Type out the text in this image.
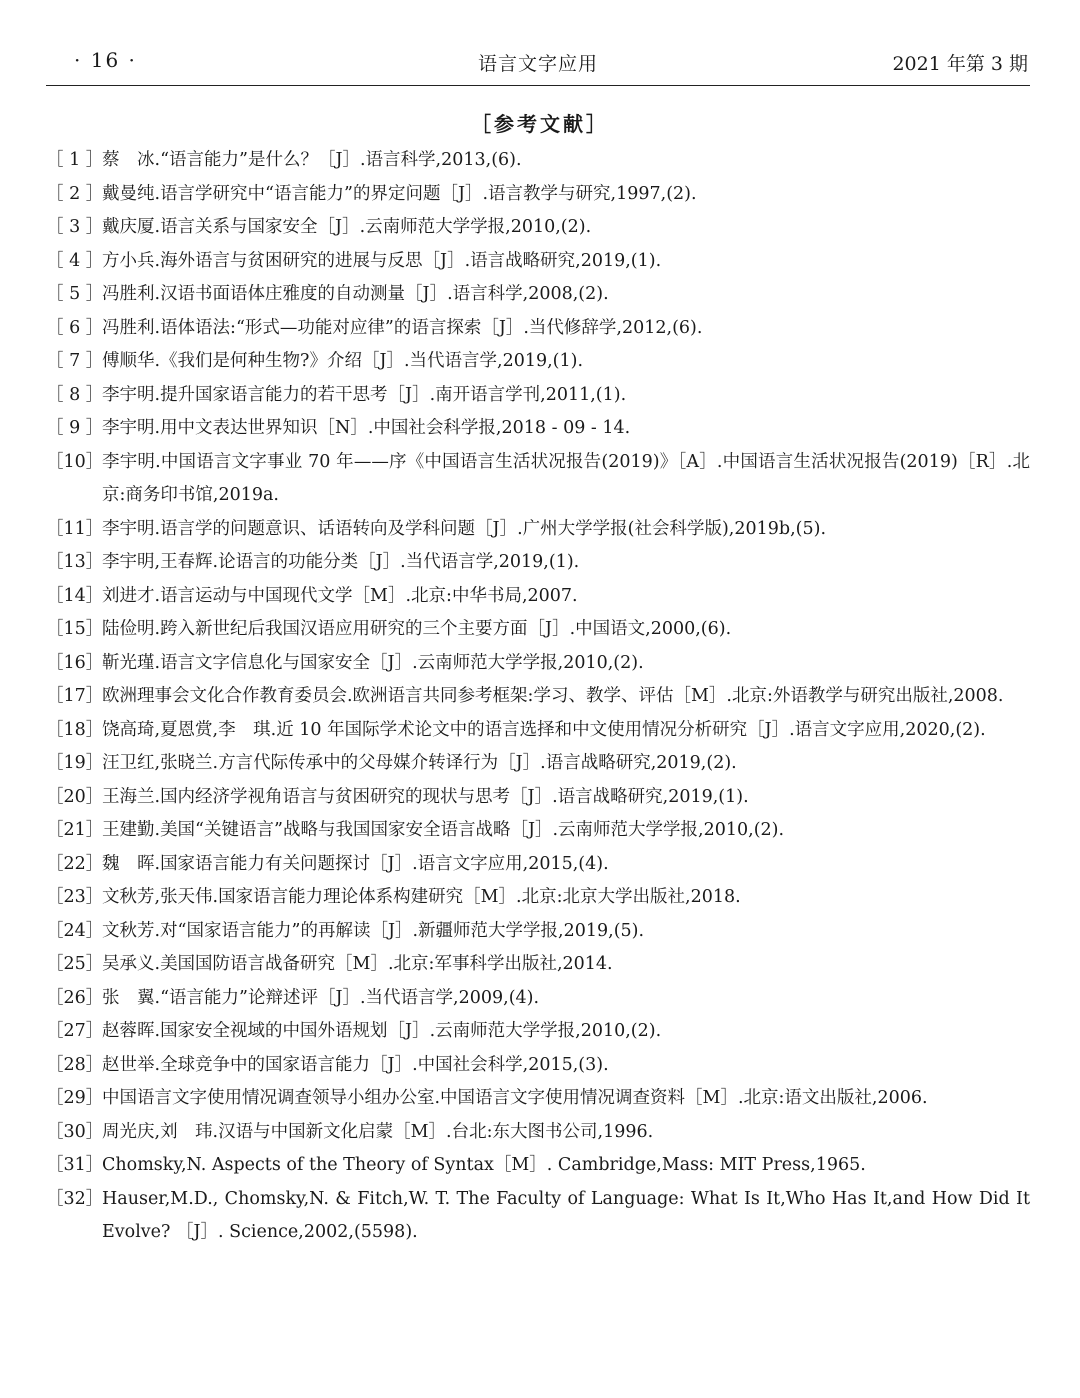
· 16 ·	语言文字应用	2021 年第 3 期
［参考文献］
［ 1 ］
蔡　冰.“语言能力”是什么？［J］.语言科学,2013,(6).
［ 2 ］
戴曼纯.语言学研究中“语言能力”的界定问题［J］.语言教学与研究,1997,(2).
［ 3 ］
戴庆厦.语言关系与国家安全［J］.云南师范大学学报,2010,(2).
［ 4 ］
方小兵.海外语言与贫困研究的进展与反思［J］.语言战略研究,2019,(1).
［ 5 ］
冯胜利.汉语书面语体庄雅度的自动测量［J］.语言科学,2008,(2).
［ 6 ］
冯胜利.语体语法:“形式—功能对应律”的语言探索［J］.当代修辞学,2012,(6).
［ 7 ］
傅顺华.《我们是何种生物?》介绍［J］.当代语言学,2019,(1).
［ 8 ］
李宇明.提升国家语言能力的若干思考［J］.南开语言学刊,2011,(1).
［ 9 ］
李宇明.用中文表达世界知识［N］.中国社会科学报,2018 - 09 - 14.
［10］
李宇明.中国语言文字事业 70 年——序《中国语言生活状况报告(2019)》［A］.中国语言生活状况报告(2019)［R］.北京:商务印书馆,2019a.
［11］
李宇明.语言学的问题意识、话语转向及学科问题［J］.广州大学学报(社会科学版),2019b,(5).
［13］
李宇明,王春辉.论语言的功能分类［J］.当代语言学,2019,(1).
［14］
刘进才.语言运动与中国现代文学［M］.北京:中华书局,2007.
［15］
陆俭明.跨入新世纪后我国汉语应用研究的三个主要方面［J］.中国语文,2000,(6).
［16］
靳光瑾.语言文字信息化与国家安全［J］.云南师范大学学报,2010,(2).
［17］
欧洲理事会文化合作教育委员会.欧洲语言共同参考框架:学习、教学、评估［M］.北京:外语教学与研究出版社,2008.
［18］
饶高琦,夏恩赏,李　琪.近 10 年国际学术论文中的语言选择和中文使用情况分析研究［J］.语言文字应用,2020,(2).
［19］
汪卫红,张晓兰.方言代际传承中的父母媒介转译行为［J］.语言战略研究,2019,(2).
［20］
王海兰.国内经济学视角语言与贫困研究的现状与思考［J］.语言战略研究,2019,(1).
［21］
王建勤.美国“关键语言”战略与我国国家安全语言战略［J］.云南师范大学学报,2010,(2).
［22］
魏　晖.国家语言能力有关问题探讨［J］.语言文字应用,2015,(4).
［23］
文秋芳,张天伟.国家语言能力理论体系构建研究［M］.北京:北京大学出版社,2018.
［24］
文秋芳.对“国家语言能力”的再解读［J］.新疆师范大学学报,2019,(5).
［25］
吴承义.美国国防语言战备研究［M］.北京:军事科学出版社,2014.
［26］
张　翼.“语言能力”论辩述评［J］.当代语言学,2009,(4).
［27］
赵蓉晖.国家安全视域的中国外语规划［J］.云南师范大学学报,2010,(2).
［28］
赵世举.全球竞争中的国家语言能力［J］.中国社会科学,2015,(3).
［29］
中国语言文字使用情况调查领导小组办公室.中国语言文字使用情况调查资料［M］.北京:语文出版社,2006.
［30］
周光庆,刘　玮.汉语与中国新文化启蒙［M］.台北:东大图书公司,1996.
［31］
Chomsky,N. Aspects of the Theory of Syntax［M］. Cambridge,Mass: MIT Press,1965.
［32］
Hauser,M.D., Chomsky,N. & Fitch,W. T. The Faculty of Language: What Is It,Who Has It,and How Did It Evolve? ［J］. Science,2002,(5598).
